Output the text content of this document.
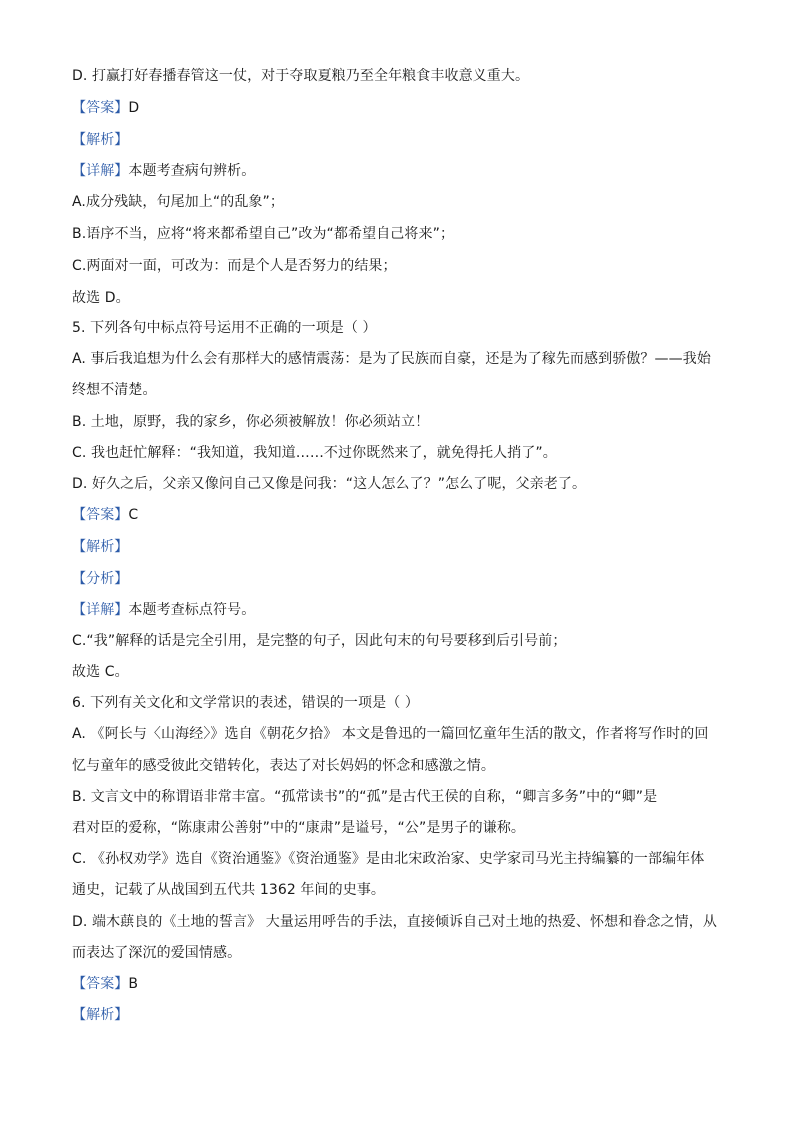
D. 打赢打好春播春管这一仗，对于夺取夏粮乃至全年粮食丰收意义重大。
【答案】D
【解析】
【详解】本题考查病句辨析。
A.成分残缺，句尾加上“的乱象”；
B.语序不当，应将“将来都希望自己”改为“都希望自己将来”；
C.两面对一面，可改为：而是个人是否努力的结果；
故选 D。
5. 下列各句中标点符号运用不正确的一项是（ ）
A. 事后我追想为什么会有那样大的感情震荡：是为了民族而自豪，还是为了稼先而感到骄傲？——我始
终想不清楚。
B. 土地，原野，我的家乡，你必须被解放！你必须站立！
C. 我也赶忙解释：“我知道，我知道……不过你既然来了，就免得托人捎了”。
D. 好久之后，父亲又像问自己又像是问我：“这人怎么了？”怎么了呢，父亲老了。
【答案】C
【解析】
【分析】
【详解】本题考查标点符号。
C.“我”解释的话是完全引用，是完整的句子，因此句末的句号要移到后引号前；
故选 C。
6. 下列有关文化和文学常识的表述，错误的一项是（ ）
A. 《阿长与〈山海经〉》选自《朝花夕拾》 本文是鲁迅的一篇回忆童年生活的散文，作者将写作时的回
忆与童年的感受彼此交错转化，表达了对长妈妈的怀念和感激之情。
B. 文言文中的称谓语非常丰富。“孤常读书”的“孤”是古代王侯的自称，“卿言多务”中的“卿”是
君对臣的爱称，“陈康肃公善射”中的“康肃”是谥号，“公”是男子的谦称。
C. 《孙权劝学》选自《资治通鉴》《资治通鉴》是由北宋政治家、史学家司马光主持编纂的一部编年体
通史，记载了从战国到五代共 1362 年间的史事。
D. 端木蕻良的《土地的誓言》 大量运用呼告的手法，直接倾诉自己对土地的热爱、怀想和眷念之情，从
而表达了深沉的爱国情感。
【答案】B
【解析】
